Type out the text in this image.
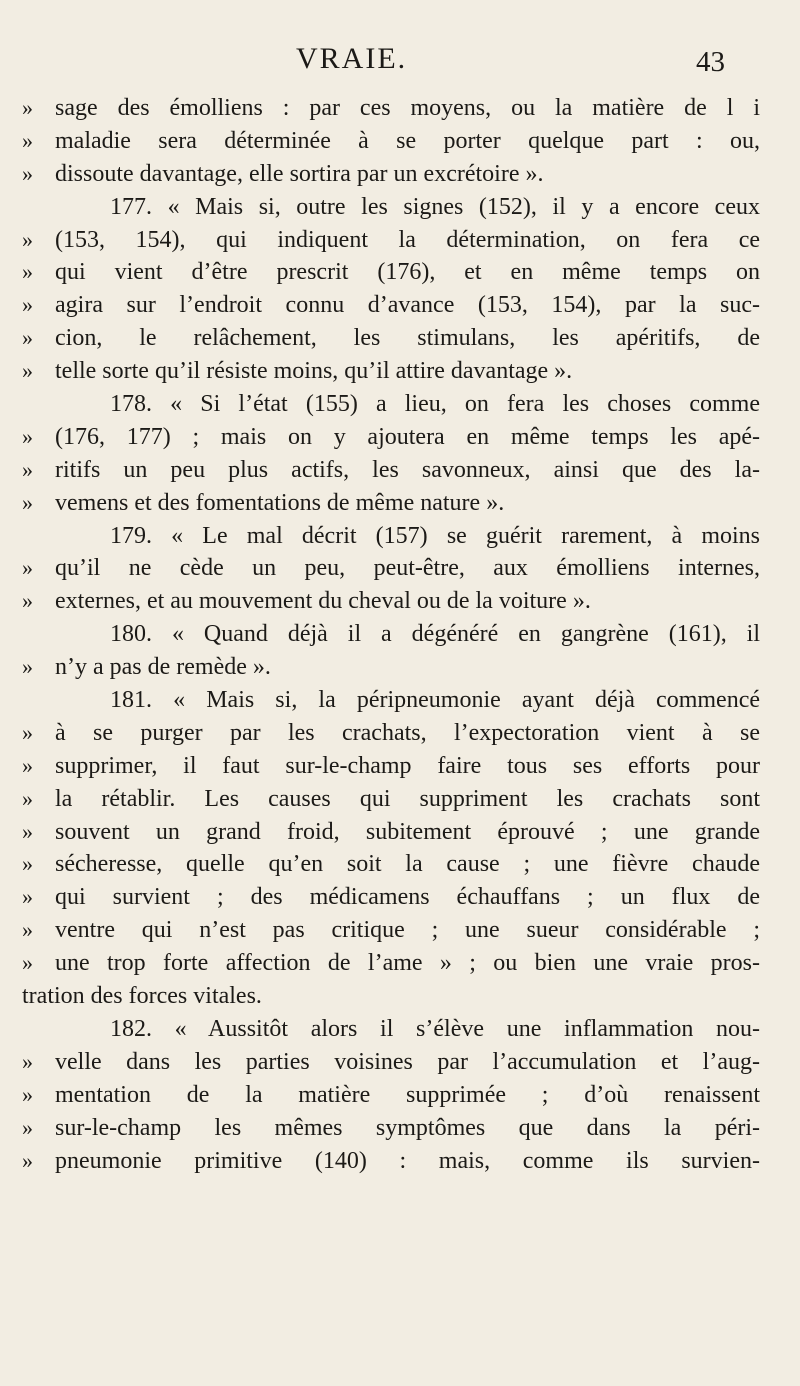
VRAIE.	43
» sage des émolliens : par ces moyens, ou la matière de l i
» maladie sera déterminée à se porter quelque part : ou,
» dissoute davantage, elle sortira par un excrétoire ».
177. « Mais si, outre les signes (152), il y a encore ceux
» (153, 154), qui indiquent la détermination, on fera ce
» qui vient d’être prescrit (176), et en même temps on
» agira sur l’endroit connu d’avance (153, 154), par la suc-
» cion, le relâchement, les stimulans, les apéritifs, de
» telle sorte qu’il résiste moins, qu’il attire davantage ».
178. « Si l’état (155) a lieu, on fera les choses comme
» (176, 177) ; mais on y ajoutera en même temps les apé-
» ritifs un peu plus actifs, les savonneux, ainsi que des la-
» vemens et des fomentations de même nature ».
179. « Le mal décrit (157) se guérit rarement, à moins
» qu’il ne cède un peu, peut-être, aux émolliens internes,
» externes, et au mouvement du cheval ou de la voiture ».
180. « Quand déjà il a dégénéré en gangrène (161), il
» n’y a pas de remède ».
181. « Mais si, la péripneumonie ayant déjà commencé
» à se purger par les crachats, l’expectoration vient à se
» supprimer, il faut sur-le-champ faire tous ses efforts pour
» la rétablir. Les causes qui suppriment les crachats sont
» souvent un grand froid, subitement éprouvé ; une grande
» sécheresse, quelle qu’en soit la cause ; une fièvre chaude
» qui survient ; des médicamens échauffans ; un flux de
» ventre qui n’est pas critique ; une sueur considérable ;
» une trop forte affection de l’ame » ; ou bien une vraie pros-
tration des forces vitales.
182. « Aussitôt alors il s’élève une inflammation nou-
» velle dans les parties voisines par l’accumulation et l’aug-
» mentation de la matière supprimée ; d’où renaissent
» sur-le-champ les mêmes symptômes que dans la péri-
» pneumonie primitive (140) : mais, comme ils survien-
